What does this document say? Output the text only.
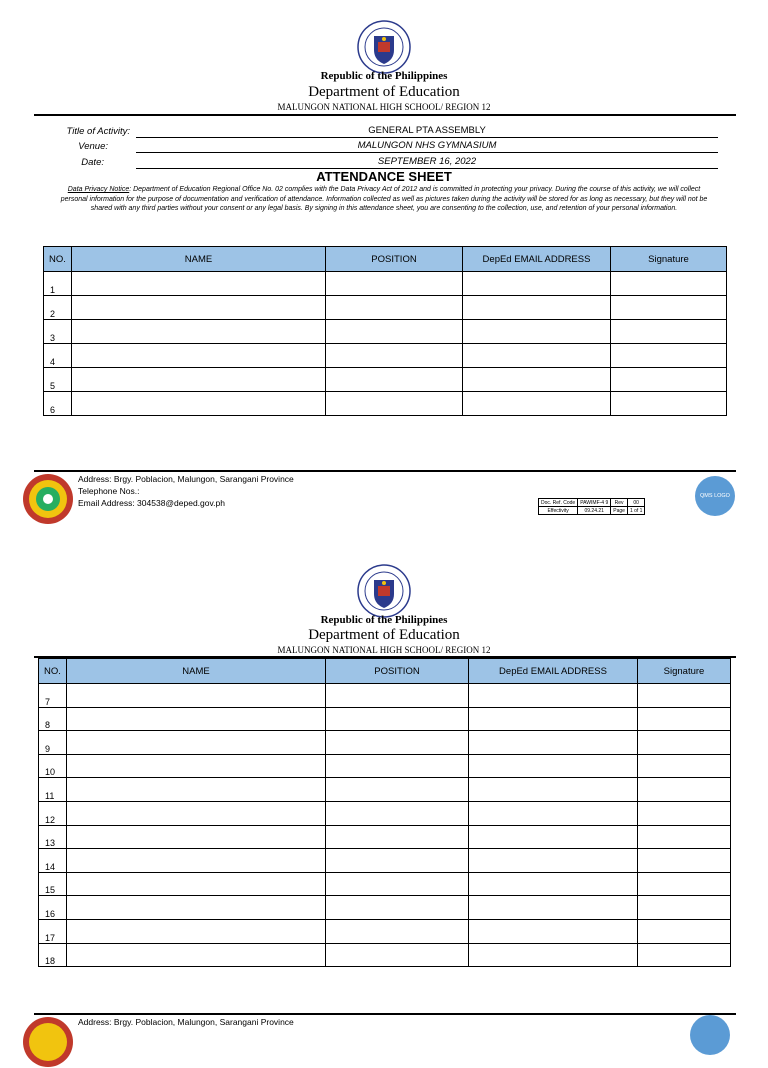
Republic of the Philippines
Department of Education
MALUNGON NATIONAL HIGH SCHOOL/ REGION 12
Title of Activity:	GENERAL PTA ASSEMBLY
Venue:	MALUNGON NHS GYMNASIUM
Date:	SEPTEMBER 16, 2022
ATTENDANCE SHEET
Data Privacy Notice: Department of Education Regional Office No. 02 complies with the Data Privacy Act of 2012 and is committed in protecting your privacy. During the course of this activity, we will collect personal information for the purpose of documentation and verification of attendance. Information collected as well as pictures taken during the activity will be stored for as long as necessary, but they will not be shared with any third parties without your consent or any legal basis. By signing in this attendance sheet, you are consenting to the collection, use, and retention of your personal information.
NO.	NAME	POSITION	DepEd EMAIL ADDRESS	Signature
1				
2				
3				
4				
5				
6				
Address: Brgy. Poblacion, Malungon, Sarangani Province
Telephone Nos.:
Email Address: 304538@deped.gov.ph	Doc. Ref. Code	PAWIMF-4 9	Rev	00
Effectivity	09.24.21	Page	1 of 1
QMS LOGO
Republic of the Philippines
Department of Education
MALUNGON NATIONAL HIGH SCHOOL/ REGION 12
NO.	NAME	POSITION	DepEd EMAIL ADDRESS	Signature
7				
8				
9				
10				
11				
12				
13				
14				
15				
16				
17				
18				
Address: Brgy. Poblacion, Malungon, Sarangani Province
